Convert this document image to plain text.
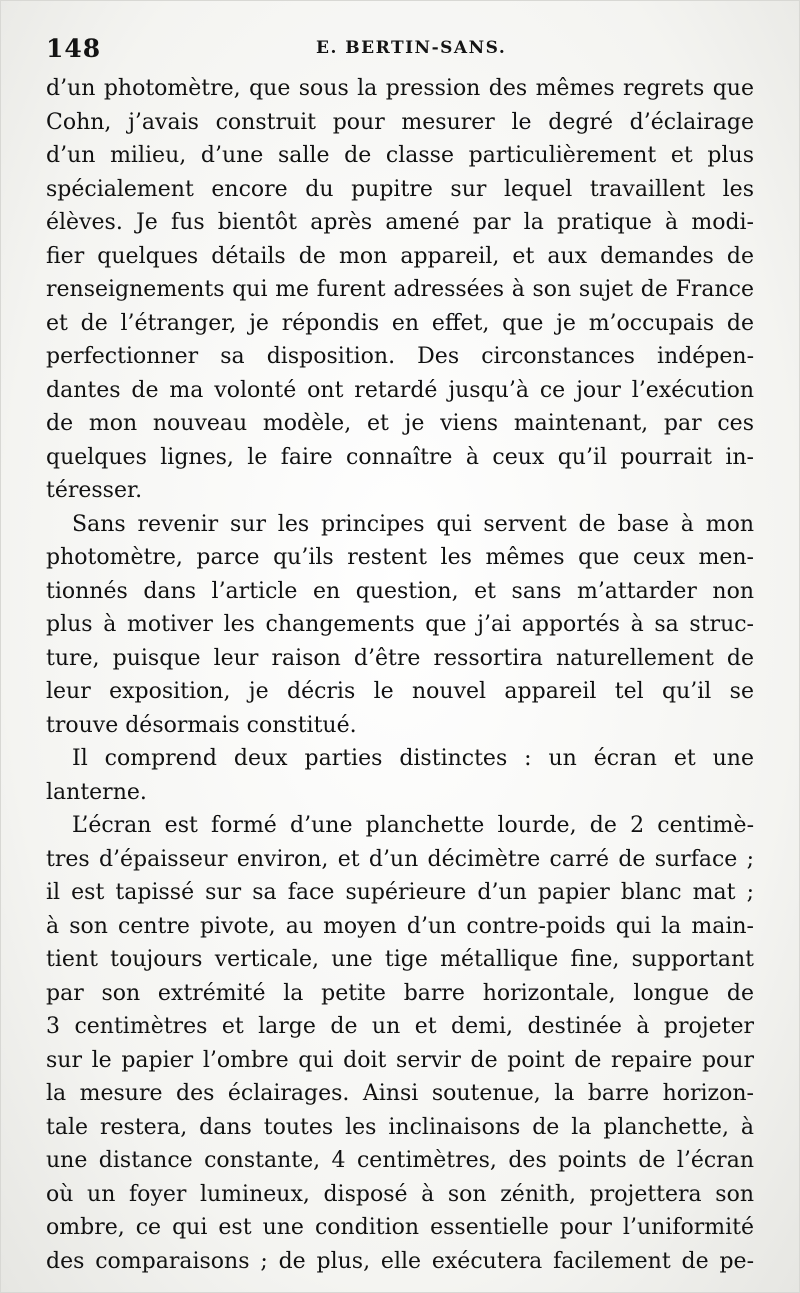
148	E. BERTIN-SANS.
d’un photomètre, que sous la pression des mêmes regrets que
Cohn, j’avais construit pour mesurer le degré d’éclairage
d’un milieu, d’une salle de classe particulièrement et plus
spécialement encore du pupitre sur lequel travaillent les
élèves. Je fus bientôt après amené par la pratique à modi-
fier quelques détails de mon appareil, et aux demandes de
renseignements qui me furent adressées à son sujet de France
et de l’étranger, je répondis en effet, que je m’occupais de
perfectionner sa disposition. Des circonstances indépen-
dantes de ma volonté ont retardé jusqu’à ce jour l’exécution
de mon nouveau modèle, et je viens maintenant, par ces
quelques lignes, le faire connaître à ceux qu’il pourrait in-
téresser.
Sans revenir sur les principes qui servent de base à mon
photomètre, parce qu’ils restent les mêmes que ceux men-
tionnés dans l’article en question, et sans m’attarder non
plus à motiver les changements que j’ai apportés à sa struc-
ture, puisque leur raison d’être ressortira naturellement de
leur exposition, je décris le nouvel appareil tel qu’il se
trouve désormais constitué.
Il comprend deux parties distinctes : un écran et une
lanterne.
L’écran est formé d’une planchette lourde, de 2 centimè-
tres d’épaisseur environ, et d’un décimètre carré de surface ;
il est tapissé sur sa face supérieure d’un papier blanc mat ;
à son centre pivote, au moyen d’un contre-poids qui la main-
tient toujours verticale, une tige métallique fine, supportant
par son extrémité la petite barre horizontale, longue de
3 centimètres et large de un et demi, destinée à projeter
sur le papier l’ombre qui doit servir de point de repaire pour
la mesure des éclairages. Ainsi soutenue, la barre horizon-
tale restera, dans toutes les inclinaisons de la planchette, à
une distance constante, 4 centimètres, des points de l’écran
où un foyer lumineux, disposé à son zénith, projettera son
ombre, ce qui est une condition essentielle pour l’uniformité
des comparaisons ; de plus, elle exécutera facilement de pe-
